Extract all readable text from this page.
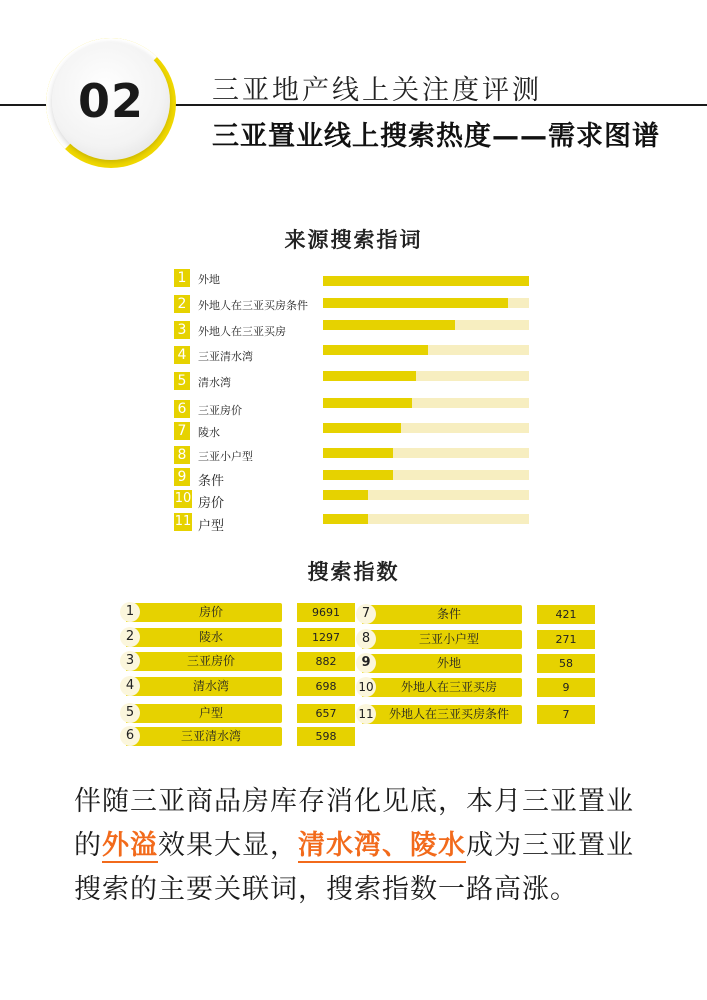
02	三亚地产线上关注度评测
三亚置业线上搜索热度——需求图谱
来源搜索指词
1	外地
2	外地人在三亚买房条件
3	外地人在三亚买房
4	三亚清水湾
5	清水湾
6	三亚房价
7	陵水
8	三亚小户型
9 条件
10 房价
11 户型
搜索指数
1	房价	9691
2	陵水	1297
3	三亚房价	882
4	清水湾	698
5	户型	657
6	三亚清水湾	598
7	条件	421
8	三亚小户型	271
9	外地	58
10	外地人在三亚买房	9
11	外地人在三亚买房条件	7
伴随三亚商品房库存消化见底，本月三亚置业的外溢效果大显，清水湾、陵水成为三亚置业搜索的主要关联词，搜索指数一路高涨。
